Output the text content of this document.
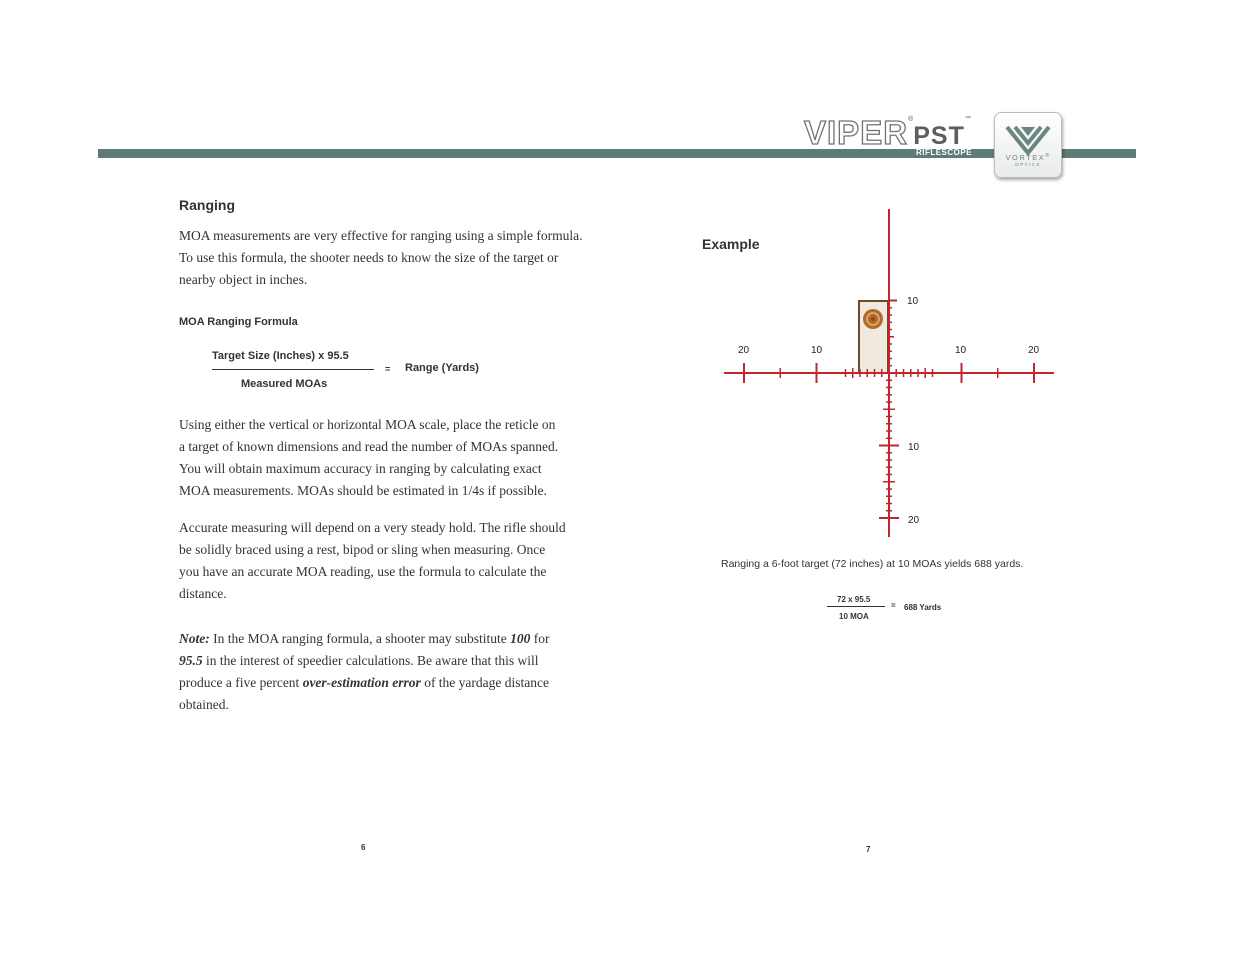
VIPER®PST™
RIFLESCOPE
VORTEX®
OPTICS
Ranging
MOA measurements are very effective for ranging using a simple formula.
To use this formula, the shooter needs to know the size of the target or
nearby object in inches.
MOA Ranging Formula
Target Size (Inches) x 95.5
Measured MOAs
= Range (Yards)
Using either the vertical or horizontal MOA scale, place the reticle on
a target of known dimensions and read the number of MOAs spanned.
You will obtain maximum accuracy in ranging by calculating exact
MOA measurements. MOAs should be estimated in 1/4s if possible.
Accurate measuring will depend on a very steady hold. The rifle should
be solidly braced using a rest, bipod or sling when measuring. Once
you have an accurate MOA reading, use the formula to calculate the
distance.
Note: In the MOA ranging formula, a shooter may substitute 100 for
95.5 in the interest of speedier calculations. Be aware that this will
produce a five percent over-estimation error of the yardage distance
obtained.
6
Example
10
20	10	10	20
10
20
Ranging a 6-foot target (72 inches) at 10 MOAs yields 688 yards.
72 x 95.5
10 MOA
= 688 Yards
7
